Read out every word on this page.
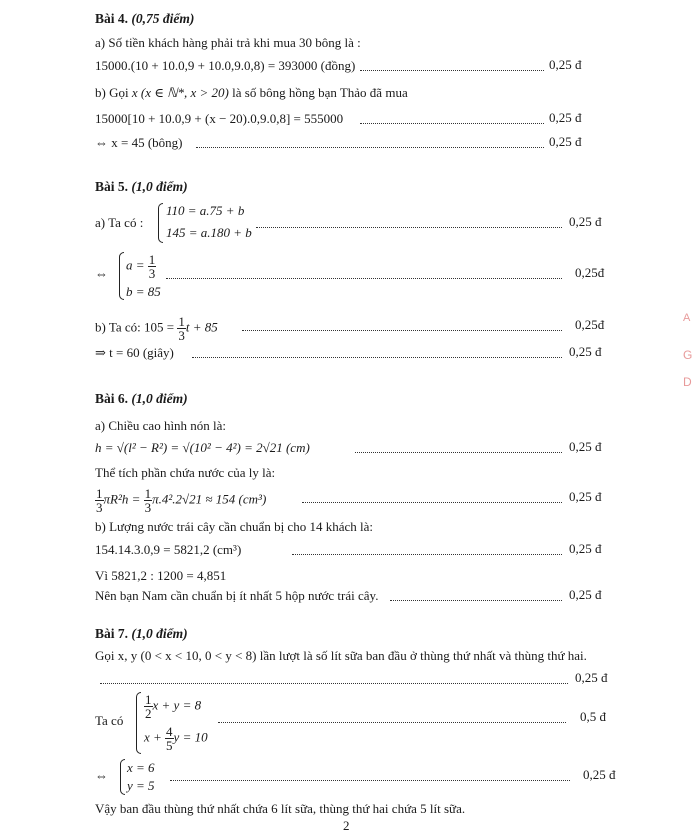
Bài 4. (0,75 điểm)
a) Số tiền khách hàng phải trả khi mua 30 bông là :
15000.(10 + 10.0,9 + 10.0,9.0,8) = 393000 (đồng)	0,25 đ
b) Gọi x (x ∈ ℕ*, x > 20) là số bông hồng bạn Thảo đã mua
15000[10 + 10.0,9 + (x − 20).0,9.0,8] = 555000	0,25 đ
⇔ x = 45 (bông)	0,25 đ
Bài 5. (1,0 điểm)
a) Ta có :
110 = a.75 + b
145 = a.180 + b
0,25 đ
⇔
$a = \frac{1}{3}$
b = 85
0,25đ
b) Ta có: $105 = \frac{1}{3}$ t + 85	0,25đ
⇒ t = 60 (giây)	0,25 đ
Bài 6. (1,0 điểm)
a) Chiều cao hình nón là:
h = √(l² − R²) = √(10² − 4²) = 2√21 (cm)	0,25 đ
Thể tích phần chứa nước của ly là:
$\frac{1}{3} \pi R^2h = \frac{1}{3} \pi.4^2.2√21 \approx 154$ (cm³)	0,25 đ
b) Lượng nước trái cây cần chuẩn bị cho 14 khách là:
154.14.3.0,9 = 5821,2 (cm³)	0,25 đ
Vì 5821,2 : 1200 = 4,851
Nên bạn Nam cần chuẩn bị ít nhất 5 hộp nước trái cây.	0,25 đ
Bài 7. (1,0 điểm)
Gọi x, y (0 < x < 10, 0 < y < 8) lần lượt là số lít sữa ban đầu ở thùng thứ nhất và thùng thứ hai.
0,25 đ
Ta có
$\frac{1}{2}$ x + y = 8
$x + \frac{4}{5}$ y = 10
0,5 đ
⇔
x = 6
y = 5
0,25 đ
Vậy ban đầu thùng thứ nhất chứa 6 lít sữa, thùng thứ hai chứa 5 lít sữa.
A
G
D
2
